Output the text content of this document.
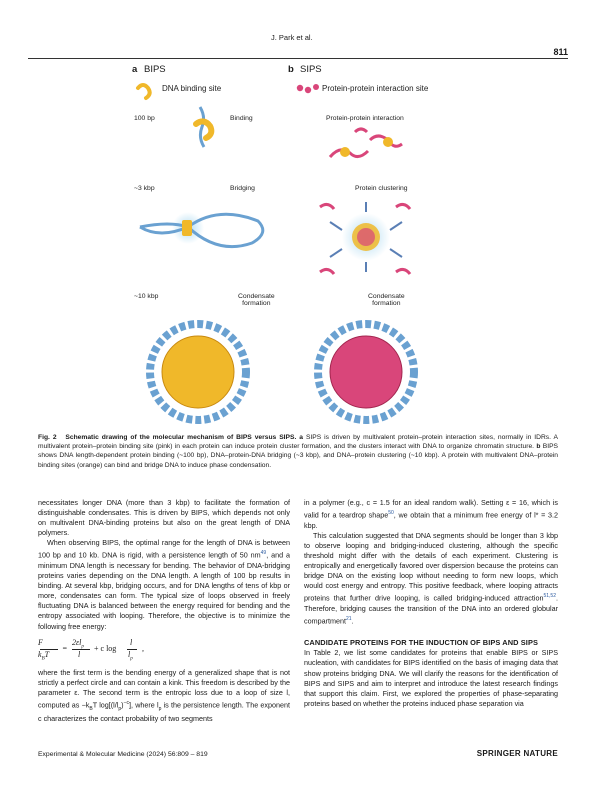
J. Park et al.
811
a BIPS
DNA binding site
100 bp	Binding
~3 kbp	Bridging
~10 kbp	Condensate
formation
b SIPS
Protein-protein interaction site
Protein-protein interaction
Protein clustering
Condensate
formation
Fig. 2 Schematic drawing of the molecular mechanism of BIPS versus SIPS. a SIPS is driven by multivalent protein–protein interaction sites, normally in IDRs. A multivalent protein–protein binding site (pink) in each protein can induce protein cluster formation, and the clusters interact with DNA to organize chromatin structure. b BIPS shows DNA length-dependent protein binding (~100 bp), DNA–protein-DNA bridging (~3 kbp), and DNA–protein clustering (~10 kbp). A protein with multivalent DNA–protein binding sites (orange) can bind and bridge DNA to induce phase condensation.

necessitates longer DNA (more than 3 kbp) to facilitate the formation of distinguishable condensates. This is driven by BIPS, which depends not only on multivalent DNA-binding proteins but also on the great length of DNA polymers.

When observing BIPS, the optimal range for the length of DNA is between 100 bp and 10 kb. DNA is rigid, with a persistence length of 50 $nm^{49}$, and a minimum DNA length is necessary for bending. The behavior of DNA-bridging proteins varies depending on the DNA length. A length of 100 bp results in binding. At several kbp, bridging occurs, and for DNA lengths of tens of kbp or more, condensates can form. The typical size of loops observed in freely fluctuating DNA is balanced between the energy required for bending and the entropy associated with looping. Therefore, the objective is to minimize the following free energy:

F
$k_BT$
=
$2\varepsilon l_p$
l
+ c log
l
$l_p$
,

where the first term is the bending energy of a generalized shape that is not strictly a perfect circle and can contain a kink. This freedom is described by the parameter ε. The second term is the entropic loss due to a loop of size l, computed as $-k_BT$ $\log[(l/l_p)^{-c}]$, where $l_p$ is the persistence length. The exponent c characterizes the contact probability of two segments

in a polymer (e.g., c = 1.5 for an ideal random walk). Setting ε = 16, which is valid for a teardrop shape$^{50}$, we obtain that a minimum free energy of l* = 3.2 kbp.

This calculation suggested that DNA segments should be longer than 3 kbp to observe looping and bridging-induced clustering, although the specific threshold might differ with the details of each experiment. Clustering is entropically and energetically favored over dispersion because the proteins can bridge DNA on the existing loop without needing to form new loops, which would cost energy and entropy. This positive feedback, where looping attracts proteins that further drive looping, is called bridging-induced attraction$^{51,52}$. Therefore, bridging causes the transition of the DNA into an ordered globular compartment$^{21}$.

CANDIDATE PROTEINS FOR THE INDUCTION OF BIPS AND SIPS

In Table 2, we list some candidates for proteins that enable BIPS or SIPS nucleation, with candidates for BIPS identified on the basis of imaging data that show proteins bridging DNA. We will clarify the reasons for the identification of BIPS and SIPS and aim to interpret and introduce the latest research findings that support this claim. First, we explored the properties of phase-separating proteins based on whether the proteins induced phase separation via

Experimental & Molecular Medicine (2024) 56:809 – 819	SPRINGER NATURE
